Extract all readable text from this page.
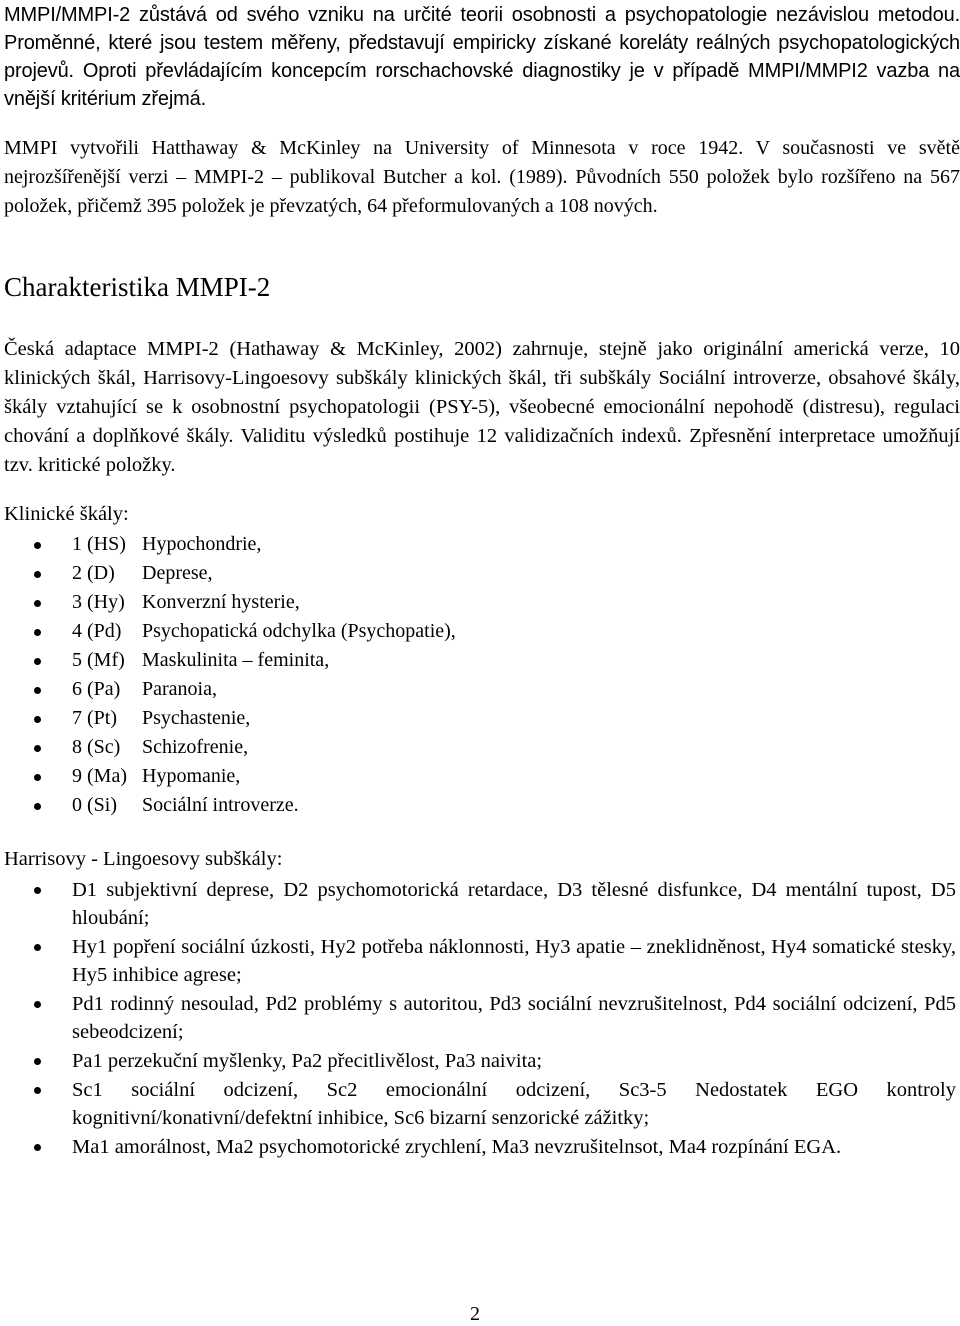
MMPI/MMPI-2 zůstává od svého vzniku na určité teorii osobnosti a psychopatologie nezávislou metodou. Proměnné, které jsou testem měřeny, představují empiricky získané koreláty reálných psychopatologických projevů. Oproti převládajícím koncepcím rorschachovské diagnostiky je v případě MMPI/MMPI2 vazba na vnější kritérium zřejmá.

MMPI vytvořili Hatthaway & McKinley na University of Minnesota v roce 1942. V současnosti ve světě nejrozšířenější verzi – MMPI-2 – publikoval Butcher a kol. (1989). Původních 550 položek bylo rozšířeno na 567 položek, přičemž 395 položek je převzatých, 64 přeformulovaných a 108 nových.

Charakteristika MMPI-2

Česká adaptace MMPI-2 (Hathaway & McKinley, 2002) zahrnuje, stejně jako originální americká verze, 10 klinických škál, Harrisovy-Lingoesovy subškály klinických škál, tři subškály Sociální introverze, obsahové škály, škály vztahující se k osobnostní psychopatologii (PSY-5), všeobecné emocionální nepohodě (distresu), regulaci chování a doplňkové škály. Validitu výsledků postihuje 12 validizačních indexů. Zpřesnění interpretace umožňují tzv. kritické položky.

Klinické škály:
1 (HS) Hypochondrie,
2 (D) Deprese,
3 (Hy) Konverzní hysterie,
4 (Pd) Psychopatická odchylka (Psychopatie),
5 (Mf) Maskulinita – feminita,
6 (Pa) Paranoia,
7 (Pt) Psychastenie,
8 (Sc) Schizofrenie,
9 (Ma) Hypomanie,
0 (Si) Sociální introverze.
Harrisovy - Lingoesovy subškály:
D1 subjektivní deprese, D2 psychomotorická retardace, D3 tělesné disfunkce, D4 mentální tupost, D5 hloubání;
Hy1 popření sociální úzkosti, Hy2 potřeba náklonnosti, Hy3 apatie – zneklidněnost, Hy4 somatické stesky, Hy5 inhibice agrese;
Pd1 rodinný nesoulad, Pd2 problémy s autoritou, Pd3 sociální nevzrušitelnost, Pd4 sociální odcizení, Pd5 sebeodcizení;
Pa1 perzekuční myšlenky, Pa2 přecitlivělost, Pa3 naivita;
Sc1 sociální odcizení, Sc2 emocionální odcizení, Sc3-5 Nedostatek EGO kontroly kognitivní/konativní/defektní inhibice, Sc6 bizarní senzorické zážitky;
Ma1 amorálnost, Ma2 psychomotorické zrychlení, Ma3 nevzrušitelnsot, Ma4 rozpínání EGA.
2
